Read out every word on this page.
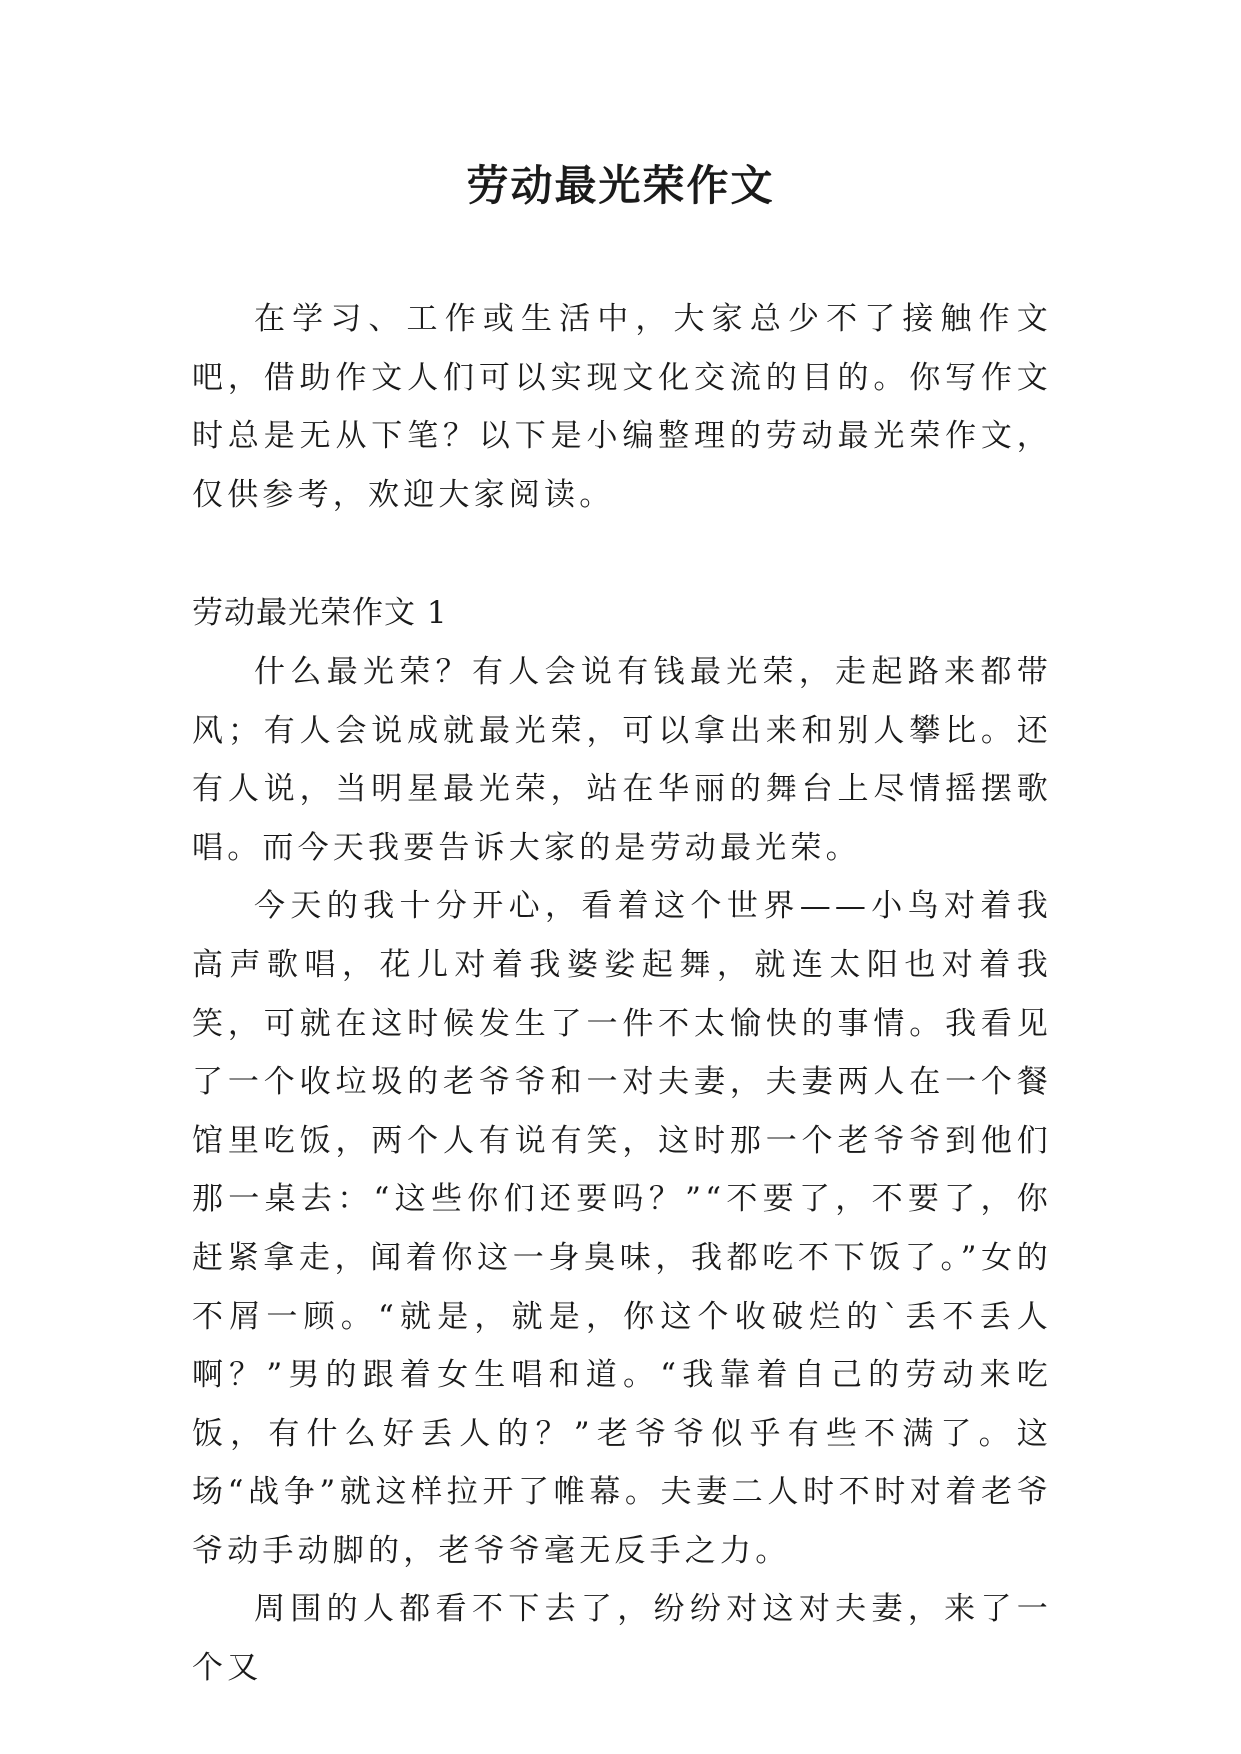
劳动最光荣作文

在学习、工作或生活中，大家总少不了接触作文吧，借助作文人们可以实现文化交流的目的。你写作文时总是无从下笔？以下是小编整理的劳动最光荣作文，仅供参考，欢迎大家阅读。

劳动最光荣作文 1

什么最光荣？有人会说有钱最光荣，走起路来都带风；有人会说成就最光荣，可以拿出来和别人攀比。还有人说，当明星最光荣，站在华丽的舞台上尽情摇摆歌唱。而今天我要告诉大家的是劳动最光荣。

今天的我十分开心，看着这个世界——小鸟对着我高声歌唱，花儿对着我婆娑起舞，就连太阳也对着我笑，可就在这时候发生了一件不太愉快的事情。我看见了一个收垃圾的老爷爷和一对夫妻，夫妻两人在一个餐馆里吃饭，两个人有说有笑，这时那一个老爷爷到他们那一桌去：“这些你们还要吗？”“不要了，不要了，你赶紧拿走，闻着你这一身臭味，我都吃不下饭了。”女的不屑一顾。“就是，就是，你这个收破烂的`丢不丢人啊？”男的跟着女生唱和道。“我靠着自己的劳动来吃饭，有什么好丢人的？”老爷爷似乎有些不满了。这场“战争”就这样拉开了帷幕。夫妻二人时不时对着老爷爷动手动脚的，老爷爷毫无反手之力。

周围的人都看不下去了，纷纷对这对夫妻，来了一个又
